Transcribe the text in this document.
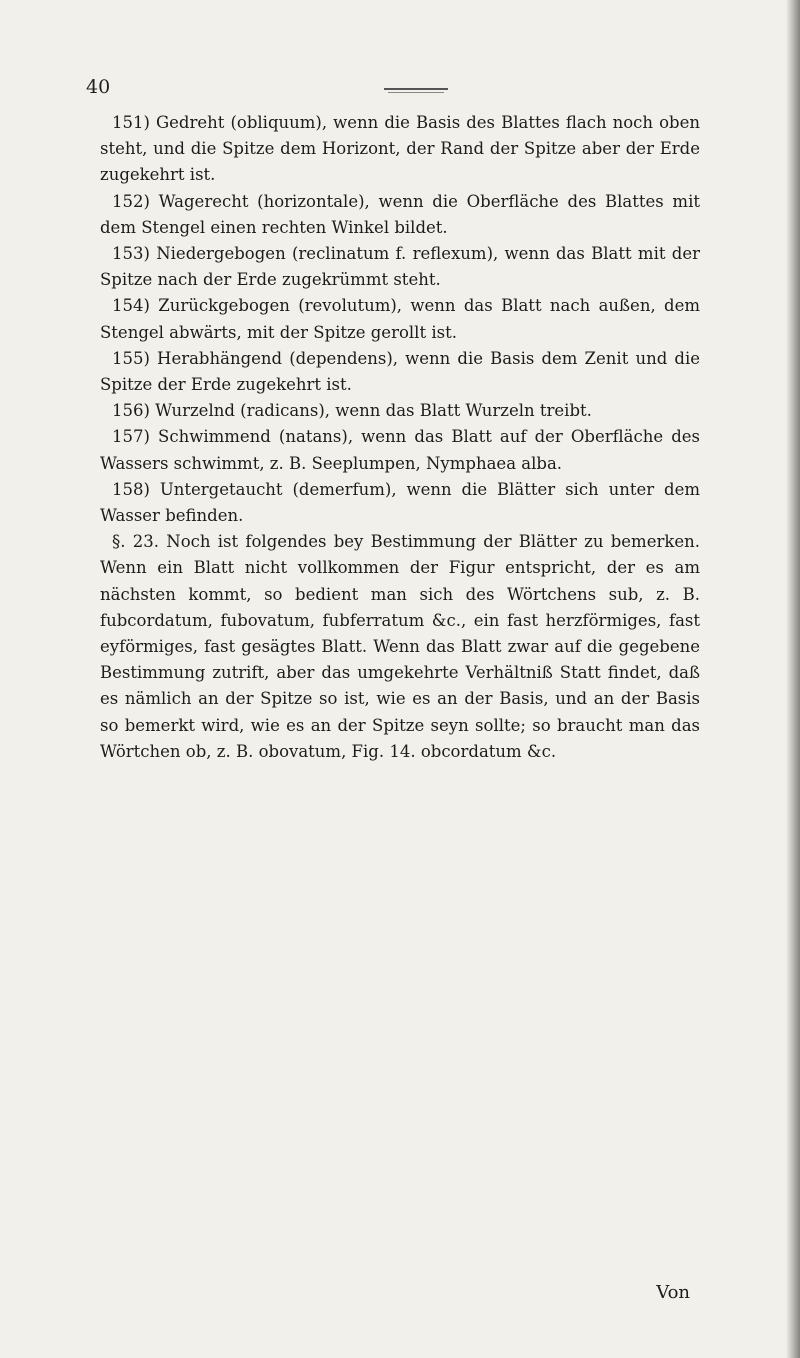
40

151) Gedreht (obliquum), wenn die Basis des Blattes flach noch oben steht, und die Spitze dem Horizont, der Rand der Spitze aber der Erde zugekehrt ist.

152) Wagerecht (horizontale), wenn die Oberfläche des Blattes mit dem Stengel einen rechten Winkel bildet.

153) Niedergebogen (reclinatum f. reflexum), wenn das Blatt mit der Spitze nach der Erde zugekrümmt steht.

154) Zurückgebogen (revolutum), wenn das Blatt nach außen, dem Stengel abwärts, mit der Spitze gerollt ist.

155) Herabhängend (dependens), wenn die Basis dem Zenit und die Spitze der Erde zugekehrt ist.

156) Wurzelnd (radicans), wenn das Blatt Wurzeln treibt.

157) Schwimmend (natans), wenn das Blatt auf der Oberfläche des Wassers schwimmt, z. B. Seeplumpen, Nymphaea alba.

158) Untergetaucht (demerfum), wenn die Blätter sich unter dem Wasser befinden.

§. 23. Noch ist folgendes bey Bestimmung der Blätter zu bemerken. Wenn ein Blatt nicht vollkommen der Figur entspricht, der es am nächsten kommt, so bedient man sich des Wörtchens sub, z. B. fubcordatum, fubovatum, fubferratum &c., ein fast herzförmiges, fast eyförmiges, fast gesägtes Blatt. Wenn das Blatt zwar auf die gegebene Bestimmung zutrift, aber das umgekehrte Verhältniß Statt findet, daß es nämlich an der Spitze so ist, wie es an der Basis, und an der Basis so bemerkt wird, wie es an der Spitze seyn sollte; so braucht man das Wörtchen ob, z. B. obovatum, Fig. 14. obcordatum &c.

Von
